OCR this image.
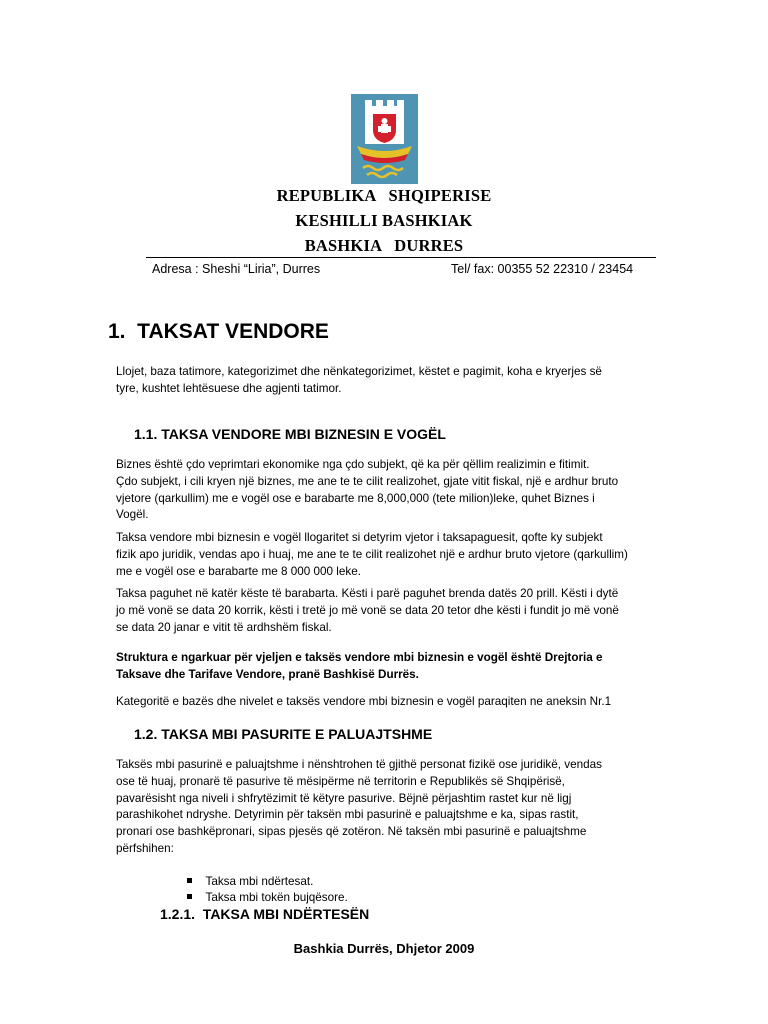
REPUBLIKA   SHQIPERISE
KESHILLI BASHKIAK
BASHKIA   DURRES
Adresa : Sheshi “Liria”, Durres	Tel/ fax: 00355 52 22310 / 23454
1.  TAKSAT VENDORE
Llojet, baza tatimore, kategorizimet dhe nënkategorizimet, këstet e pagimit, koha e kryerjes së
tyre, kushtet lehtësuese dhe agjenti tatimor.
1.1. TAKSA VENDORE MBI BIZNESIN E VOGËL
Biznes është çdo veprimtari ekonomike nga çdo subjekt, që ka për qëllim realizimin e fitimit.
Çdo subjekt, i cili kryen një biznes, me ane te te cilit realizohet, gjate vitit fiskal, një e ardhur bruto
vjetore (qarkullim) me e vogël ose e barabarte me 8,000,000 (tete milion)leke, quhet Biznes i
Vogël.
Taksa vendore mbi biznesin e vogël llogaritet si detyrim vjetor i taksapaguesit, qofte ky subjekt
fizik apo juridik, vendas apo i huaj, me ane te te cilit realizohet një e ardhur bruto vjetore (qarkullim)
me e vogël ose e barabarte me 8 000 000 leke.
Taksa paguhet në katër këste të barabarta. Kësti i parë paguhet brenda datës 20 prill. Kësti i dytë
jo më vonë se data 20 korrik, kësti i tretë jo më vonë se data 20 tetor dhe kësti i fundit jo më vonë
se data 20 janar e vitit të ardhshëm fiskal.
Struktura e ngarkuar për vjeljen e taksës vendore mbi biznesin e vogël është Drejtoria e
Taksave dhe Tarifave Vendore, pranë Bashkisë Durrës.
Kategoritë e bazës dhe nivelet e taksës vendore mbi biznesin e vogël paraqiten ne aneksin Nr.1
1.2. TAKSA MBI PASURITE E PALUAJTSHME
Taksës mbi pasurinë e paluajtshme i nënshtrohen të gjithë personat fizikë ose juridikë, vendas
ose të huaj, pronarë të pasurive të mësipërme në territorin e Republikës së Shqipërisë,
pavarësisht nga niveli i shfrytëzimit të këtyre pasurive. Bëjnë përjashtim rastet kur në ligj
parashikohet ndryshe. Detyrimin për taksën mbi pasurinë e paluajtshme e ka, sipas rastit,
pronari ose bashkëpronari, sipas pjesës që zotëron. Në taksën mbi pasurinë e paluajtshme
përfshihen:

Taksa mbi ndërtesat.

Taksa mbi tokën bujqësore.

1.2.1.  TAKSA MBI NDËRTESËN
Bashkia Durrës, Dhjetor 2009
